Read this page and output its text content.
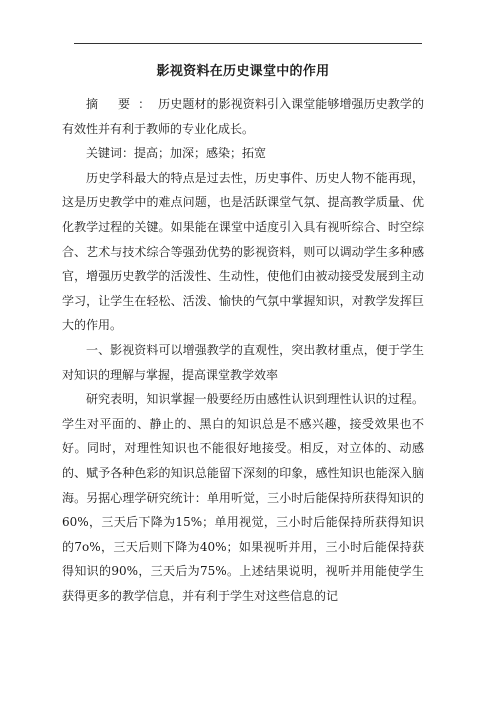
影视资料在历史课堂中的作用

摘 要：历史题材的影视资料引入课堂能够增强历史教学的有效性并有利于教师的专业化成长。

关键词：提高；加深；感染；拓宽

历史学科最大的特点是过去性，历史事件、历史人物不能再现，这是历史教学中的难点问题，也是活跃课堂气氛、提高教学质量、优化教学过程的关键。如果能在课堂中适度引入具有视听综合、时空综合、艺术与技术综合等强劲优势的影视资料，则可以调动学生多种感官，增强历史教学的活泼性、生动性，使他们由被动接受发展到主动学习，让学生在轻松、活泼、愉快的气氛中掌握知识，对教学发挥巨大的作用。

一、影视资料可以增强教学的直观性，突出教材重点，便于学生对知识的理解与掌握，提高课堂教学效率

研究表明，知识掌握一般要经历由感性认识到理性认识的过程。学生对平面的、静止的、黑白的知识总是不感兴趣，接受效果也不好。同时，对理性知识也不能很好地接受。相反，对立体的、动感的、赋予各种色彩的知识总能留下深刻的印象，感性知识也能深入脑海。另据心理学研究统计：单用听觉，三小时后能保持所获得知识的60%，三天后下降为15%；单用视觉，三小时后能保持所获得知识的7o%，三天后则下降为40%；如果视听并用，三小时后能保持获得知识的90%，三天后为75%。上述结果说明，视听并用能使学生获得更多的教学信息，并有利于学生对这些信息的记
